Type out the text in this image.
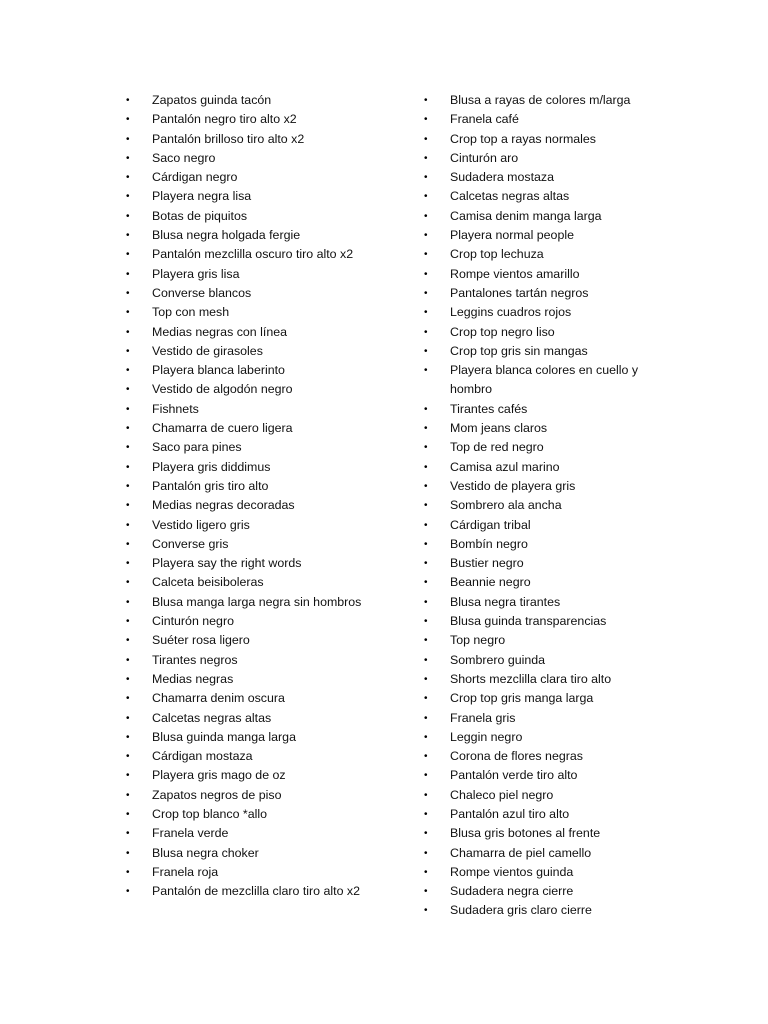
•
Zapatos guinda tacón
•
Pantalón negro tiro alto x2
•
Pantalón brilloso tiro alto x2
•
Saco negro
•
Cárdigan negro
•
Playera negra lisa
•
Botas de piquitos
•
Blusa negra holgada fergie
•
Pantalón mezclilla oscuro tiro alto x2
•
Playera gris lisa
•
Converse blancos
•
Top con mesh
•
Medias negras con línea
•
Vestido de girasoles
•
Playera blanca laberinto
•
Vestido de algodón negro
•
Fishnets
•
Chamarra de cuero ligera
•
Saco para pines
•
Playera gris diddimus
•
Pantalón gris tiro alto
•
Medias negras decoradas
•
Vestido ligero gris
•
Converse gris
•
Playera say the right words
•
Calceta beisiboleras
•
Blusa manga larga negra sin hombros
•
Cinturón negro
•
Suéter rosa ligero
•
Tirantes negros
•
Medias negras
•
Chamarra denim oscura
•
Calcetas negras altas
•
Blusa guinda manga larga
•
Cárdigan mostaza
•
Playera gris mago de oz
•
Zapatos negros de piso
•
Crop top blanco *allo
•
Franela verde
•
Blusa negra choker
•
Franela roja
•
Pantalón de mezclilla claro tiro alto x2
•
Blusa a rayas de colores m/larga
•
Franela café
•
Crop top a rayas normales
•
Cinturón aro
•
Sudadera mostaza
•
Calcetas negras altas
•
Camisa denim manga larga
•
Playera normal people
•
Crop top lechuza
•
Rompe vientos amarillo
•
Pantalones tartán negros
•
Leggins cuadros rojos
•
Crop top negro liso
•
Crop top gris sin mangas
•
Playera blanca colores en cuello y hombro
•
Tirantes cafés
•
Mom jeans claros
•
Top de red negro
•
Camisa azul marino
•
Vestido de playera gris
•
Sombrero ala ancha
•
Cárdigan tribal
•
Bombín negro
•
Bustier negro
•
Beannie negro
•
Blusa negra tirantes
•
Blusa guinda transparencias
•
Top negro
•
Sombrero guinda
•
Shorts mezclilla clara tiro alto
•
Crop top gris manga larga
•
Franela gris
•
Leggin negro
•
Corona de flores negras
•
Pantalón verde tiro alto
•
Chaleco piel negro
•
Pantalón azul tiro alto
•
Blusa gris botones al frente
•
Chamarra de piel camello
•
Rompe vientos guinda
•
Sudadera negra cierre
•
Sudadera gris claro cierre
